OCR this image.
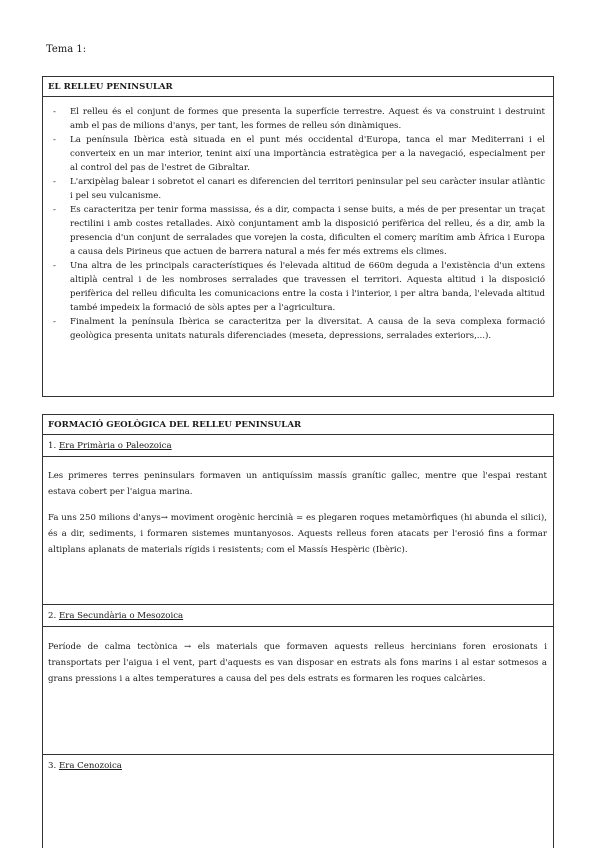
Tema 1:
EL RELLEU PENINSULAR
- El relleu és el conjunt de formes que presenta la superfície terrestre. Aquest és va construint i destruint amb el pas de milions d'anys, per tant, les formes de relleu són dinàmiques.
- La península Ibèrica està situada en el punt més occidental d'Europa, tanca el mar Mediterrani i el converteix en un mar interior, tenint així una importància estratègica per a la navegació, especialment per al control del pas de l'estret de Gibraltar.
- L'arxipèlag balear i sobretot el canari es diferencien del territori peninsular pel seu caràcter insular atlàntic i pel seu vulcanisme.
- Es caracteritza per tenir forma massissa, és a dir, compacta i sense buits, a més de per presentar un traçat rectilini i amb costes retallades. Això conjuntament amb la disposició perifèrica del relleu, és a dir, amb la presencia d'un conjunt de serralades que vorejen la costa, dificulten el comerç marítim amb Àfrica i Europa a causa dels Pirineus que actuen de barrera natural a més fer més extrems els climes.
- Una altra de les principals característiques és l'elevada altitud de 660m deguda a l'existència d'un extens altiplà central i de les nombroses serralades que travessen el territori. Aquesta altitud i la disposició perifèrica del relleu dificulta les comunicacions entre la costa i l'interior, i per altra banda, l'elevada altitud també impedeix la formació de sòls aptes per a l'agricultura.
- Finalment la península Ibèrica se caracteritza per la diversitat. A causa de la seva complexa formació geològica presenta unitats naturals diferenciades (meseta, depressions, serralades exteriors,...).
FORMACIÓ GEOLÒGICA DEL RELLEU PENINSULAR
1. Era Primària o Paleozoica
Les primeres terres peninsulars formaven un antiquíssim massís granític gallec, mentre que l'espai restant estava cobert per l'aigua marina.
Fa uns 250 milions d'anys→ moviment orogènic hercinià = es plegaren roques metamòrfiques (hi abunda el silici), és a dir, sediments, i formaren sistemes muntanyosos. Aquests relleus foren atacats per l'erosió fins a formar altiplans aplanats de materials rígids i resistents; com el Massís Hespèric (Ibèric).
2. Era Secundària o Mesozoica
Període de calma tectònica → els materials que formaven aquests relleus hercinians foren erosionats i transportats per l'aigua i el vent, part d'aquests es van disposar en estrats als fons marins i al estar sotmesos a grans pressions i a altes temperatures a causa del pes dels estrats es formaren les roques calcàries.
3. Era Cenozoica
